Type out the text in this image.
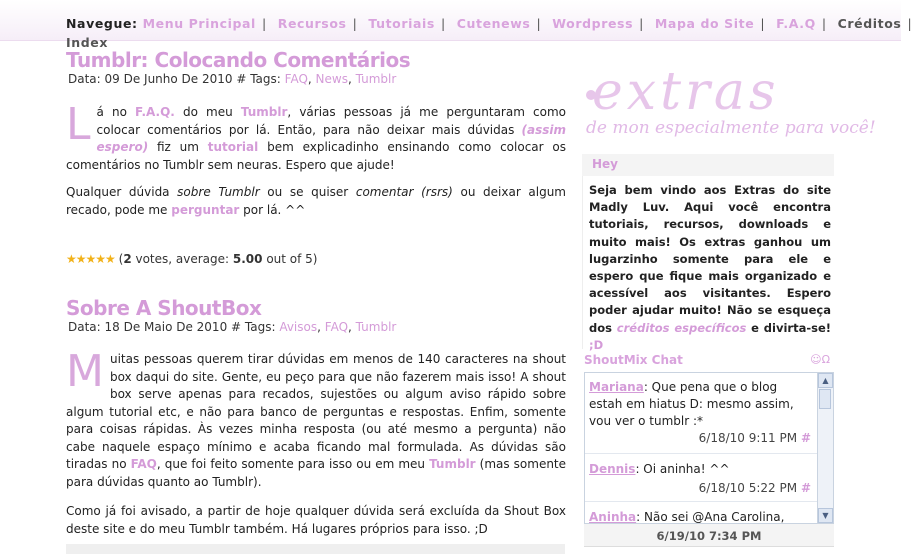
Navegue: Menu Principal | Recursos | Tutoriais | Cutenews | Wordpress | Mapa do Site | F.A.Q | Créditos |
Index
Tumblr: Colocando Comentários
Data: 09 De Junho De 2010 # Tags: FAQ, News, Tumblr

Lá no F.A.Q. do meu Tumblr, várias pessoas já me perguntaram como colocar comentários por lá. Então, para não deixar mais dúvidas (assim espero) fiz um tutorial bem explicadinho ensinando como colocar os comentários no Tumblr sem neuras. Espero que ajude!

Qualquer dúvida sobre Tumblr ou se quiser comentar (rsrs) ou deixar algum recado, pode me perguntar por lá. ^^

★★★★★ (2 votes, average: 5.00 out of 5)
Sobre A ShoutBox
Data: 18 De Maio De 2010 # Tags: Avisos, FAQ, Tumblr

Muitas pessoas querem tirar dúvidas em menos de 140 caracteres na shout box daqui do site. Gente, eu peço para que não fazerem mais isso! A shout box serve apenas para recados, sujestões ou algum aviso rápido sobre algum tutorial etc, e não para banco de perguntas e respostas. Enfim, somente para coisas rápidas. Às vezes minha resposta (ou até mesmo a pergunta) não cabe naquele espaço mínimo e acaba ficando mal formulada. As dúvidas são tiradas no FAQ, que foi feito somente para isso ou em meu Tumblr (mas somente para dúvidas quanto ao Tumblr).

Como já foi avisado, a partir de hoje qualquer dúvida será excluída da Shout Box deste site e do meu Tumblr também. Há lugares próprios para isso. ;D

extras
de mon especialmente para você!
Hey
Seja bem vindo aos Extras do site Madly Luv. Aqui você encontra tutoriais, recursos, downloads e muito mais! Os extras ganhou um lugarzinho somente para ele e espero que fique mais organizado e acessível aos visitantes. Espero poder ajudar muito! Não se esqueça dos créditos específicos e divirta-se! ;D
ShoutMix Chat	☺Ω
Mariana: Que pena que o blog estah em hiatus D: mesmo assim, vou ver o tumblr :*
6/18/10 9:11 PM #
Dennis: Oi aninha! ^^
6/18/10 5:22 PM #
Aninha: Não sei @Ana Carolina,
▲
▼
6/19/10 7:34 PM
